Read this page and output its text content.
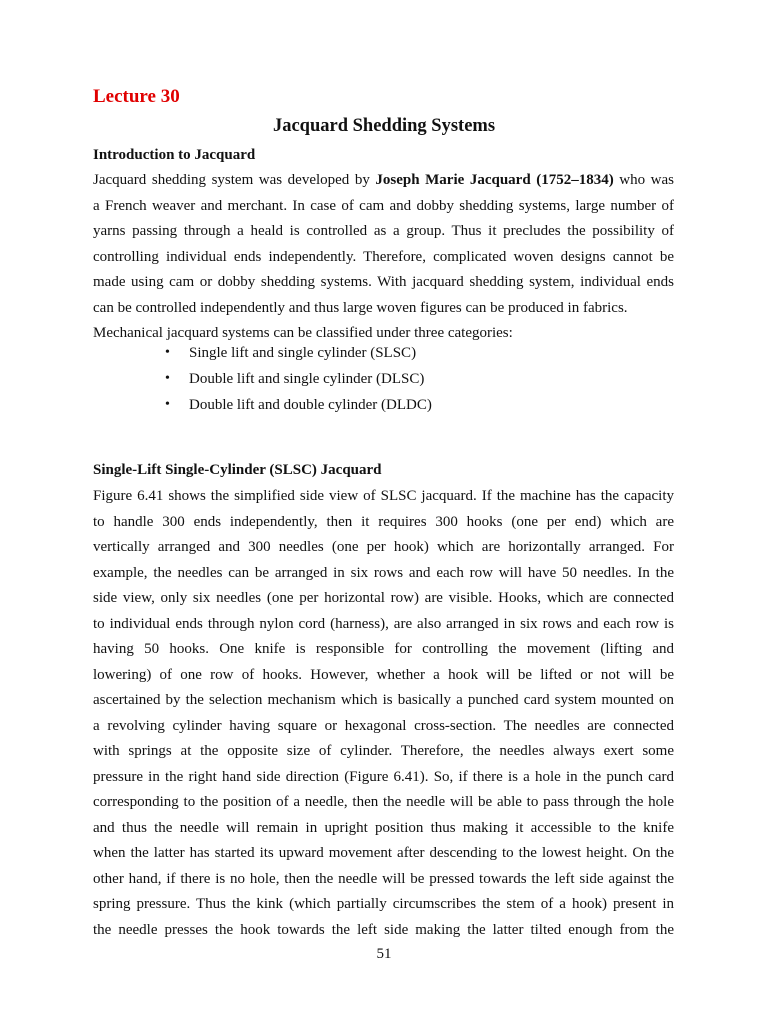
Lecture 30
Jacquard Shedding Systems
Introduction to Jacquard
Jacquard shedding system was developed by Joseph Marie Jacquard (1752–1834) who was
a French weaver and merchant. In case of cam and dobby shedding systems, large number of
yarns passing through a heald is controlled as a group. Thus it precludes the possibility of
controlling individual ends independently. Therefore, complicated woven designs cannot be
made using cam or dobby shedding systems. With jacquard shedding system, individual ends
can be controlled independently and thus large woven figures can be produced in fabrics.
Mechanical jacquard systems can be classified under three categories:
• Single lift and single cylinder (SLSC)
• Double lift and single cylinder (DLSC)
• Double lift and double cylinder (DLDC)
Single-Lift Single-Cylinder (SLSC) Jacquard
Figure 6.41 shows the simplified side view of SLSC jacquard. If the machine has the capacity
to handle 300 ends independently, then it requires 300 hooks (one per end) which are
vertically arranged and 300 needles (one per hook) which are horizontally arranged. For
example, the needles can be arranged in six rows and each row will have 50 needles. In the
side view, only six needles (one per horizontal row) are visible. Hooks, which are connected
to individual ends through nylon cord (harness), are also arranged in six rows and each row is
having 50 hooks. One knife is responsible for controlling the movement (lifting and
lowering) of one row of hooks. However, whether a hook will be lifted or not will be
ascertained by the selection mechanism which is basically a punched card system mounted on
a revolving cylinder having square or hexagonal cross-section. The needles are connected
with springs at the opposite size of cylinder. Therefore, the needles always exert some
pressure in the right hand side direction (Figure 6.41). So, if there is a hole in the punch card
corresponding to the position of a needle, then the needle will be able to pass through the hole
and thus the needle will remain in upright position thus making it accessible to the knife
when the latter has started its upward movement after descending to the lowest height. On the
other hand, if there is no hole, then the needle will be pressed towards the left side against the
spring pressure. Thus the kink (which partially circumscribes the stem of a hook) present in
the needle presses the hook towards the left side making the latter tilted enough from the
51
